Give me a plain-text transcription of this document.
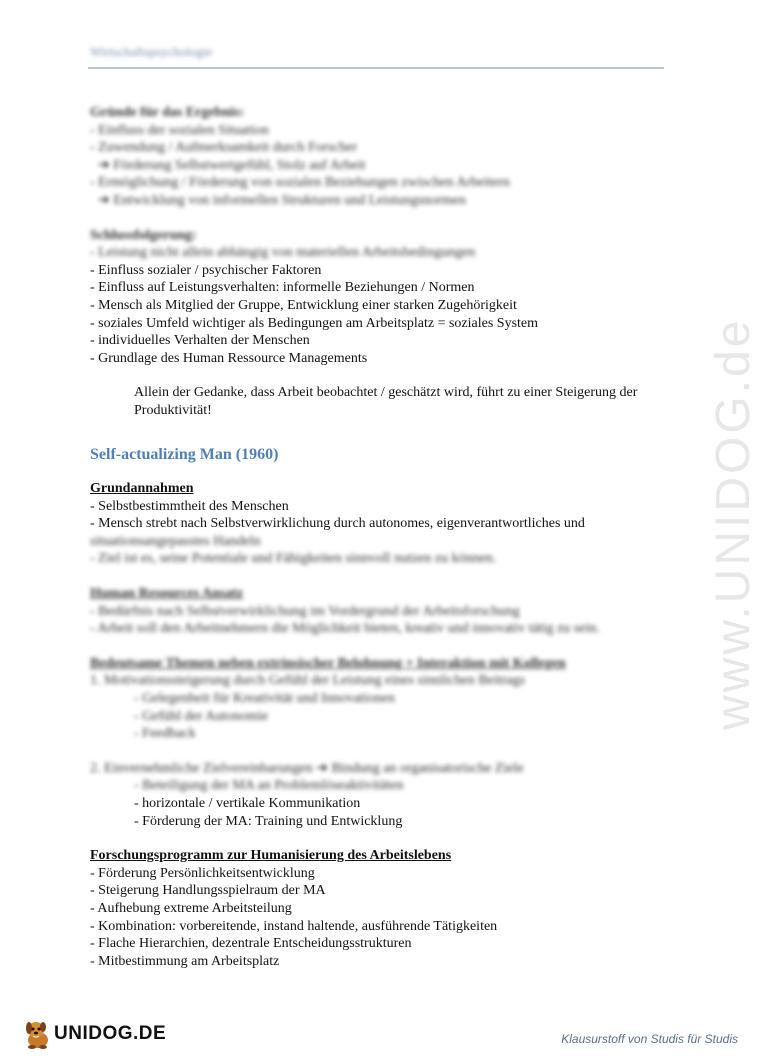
Wirtschaftspsychologie
www.UNIDOG.de
Gründe für das Ergebnis:
- Einfluss der sozialen Situation
- Zuwendung / Aufmerksamkeit durch Forscher
➔ Förderung Selbstwertgefühl, Stolz auf Arbeit
- Ermöglichung / Förderung von sozialen Beziehungen zwischen Arbeitern
➔ Entwicklung von informellen Strukturen und Leistungsnormen
Schlussfolgerung:
- Leistung nicht allein abhängig von materiellen Arbeitsbedingungen
- Einfluss sozialer / psychischer Faktoren
- Einfluss auf Leistungsverhalten: informelle Beziehungen / Normen
- Mensch als Mitglied der Gruppe, Entwicklung einer starken Zugehörigkeit
- soziales Umfeld wichtiger als Bedingungen am Arbeitsplatz = soziales System
- individuelles Verhalten der Menschen
- Grundlage des Human Ressource Managements
Allein der Gedanke, dass Arbeit beobachtet / geschätzt wird, führt zu einer Steigerung der Produktivität!
Self-actualizing Man (1960)
Grundannahmen
- Selbstbestimmtheit des Menschen
- Mensch strebt nach Selbstverwirklichung durch autonomes, eigenverantwortliches und
situationsangepasstes Handeln
- Ziel ist es, seine Potentiale und Fähigkeiten sinnvoll nutzen zu können.
Human Resources Ansatz
- Bedürfnis nach Selbstverwirklichung im Vordergrund der Arbeitsforschung
- Arbeit soll den Arbeitnehmern die Möglichkeit bieten, kreativ und innovativ tätig zu sein.
Bedeutsame Themen neben extrinsischer Belohnung + Interaktion mit Kollegen
1. Motivationssteigerung durch Gefühl der Leistung eines sinnlichen Beitrags
- Gelegenheit für Kreativität und Innovationen
- Gefühl der Autonomie
- Feedback
2. Einvernehmliche Zielvereinbarungen ➔ Bindung an organisatorische Ziele
- Beteiligung der MA an Problemlöseaktivitäten
- horizontale / vertikale Kommunikation
- Förderung der MA: Training und Entwicklung
Forschungsprogramm zur Humanisierung des Arbeitslebens
- Förderung Persönlichkeitsentwicklung
- Steigerung Handlungsspielraum der MA
- Aufhebung extreme Arbeitsteilung
- Kombination: vorbereitende, instand haltende, ausführende Tätigkeiten
- Flache Hierarchien, dezentrale Entscheidungsstrukturen
- Mitbestimmung am Arbeitsplatz
UNIDOG.DE	Klausurstoff von Studis für Studis
